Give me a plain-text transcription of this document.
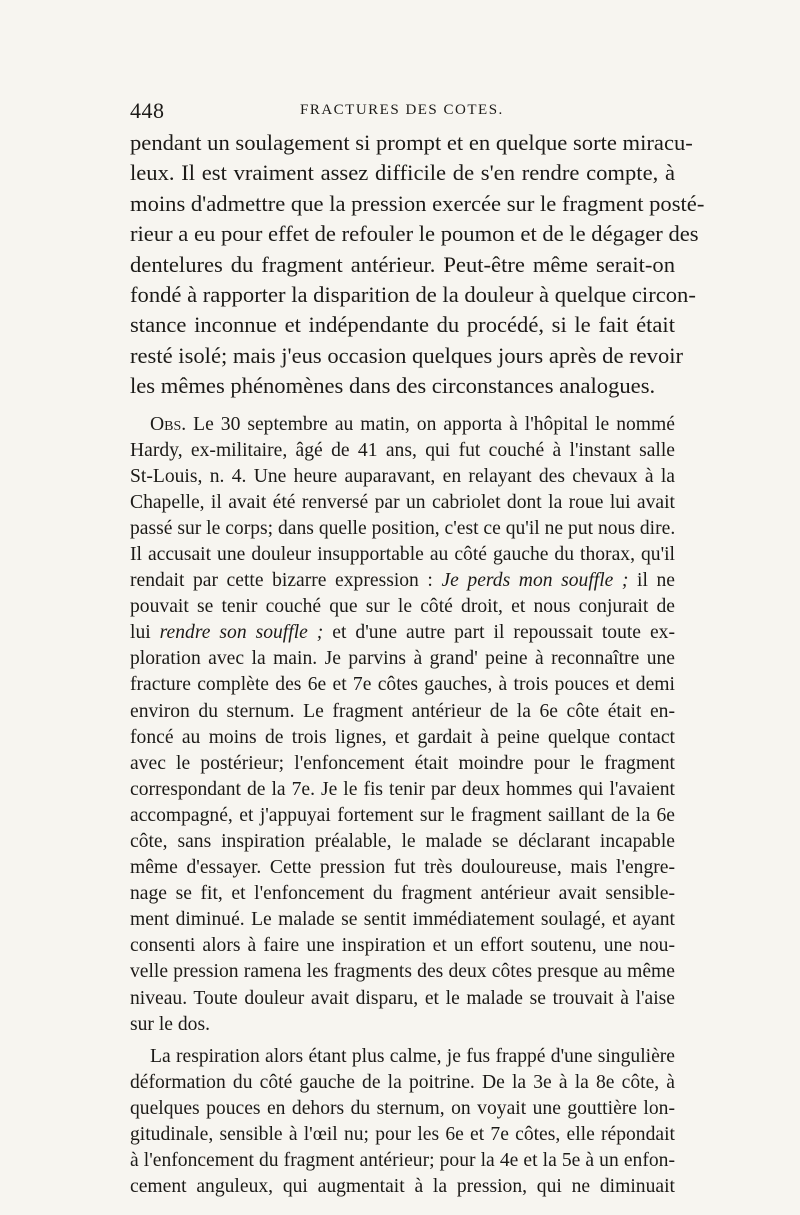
448	FRACTURES DES COTES.
pendant un soulagement si prompt et en quelque sorte miracu-
leux. Il est vraiment assez difficile de s'en rendre compte, à
moins d'admettre que la pression exercée sur le fragment posté-
rieur a eu pour effet de refouler le poumon et de le dégager des
dentelures du fragment antérieur. Peut-être même serait-on
fondé à rapporter la disparition de la douleur à quelque circon-
stance inconnue et indépendante du procédé, si le fait était
resté isolé; mais j'eus occasion quelques jours après de revoir
les mêmes phénomènes dans des circonstances analogues.
Obs. Le 30 septembre au matin, on apporta à l'hôpital le nommé
Hardy, ex-militaire, âgé de 41 ans, qui fut couché à l'instant salle
St-Louis, n. 4. Une heure auparavant, en relayant des chevaux à la
Chapelle, il avait été renversé par un cabriolet dont la roue lui avait
passé sur le corps; dans quelle position, c'est ce qu'il ne put nous dire.
Il accusait une douleur insupportable au côté gauche du thorax, qu'il
rendait par cette bizarre expression : Je perds mon souffle ; il ne
pouvait se tenir couché que sur le côté droit, et nous conjurait de
lui rendre son souffle ; et d'une autre part il repoussait toute ex-
ploration avec la main. Je parvins à grand' peine à reconnaître une
fracture complète des 6e et 7e côtes gauches, à trois pouces et demi
environ du sternum. Le fragment antérieur de la 6e côte était en-
foncé au moins de trois lignes, et gardait à peine quelque contact
avec le postérieur; l'enfoncement était moindre pour le fragment
correspondant de la 7e. Je le fis tenir par deux hommes qui l'avaient
accompagné, et j'appuyai fortement sur le fragment saillant de la 6e
côte, sans inspiration préalable, le malade se déclarant incapable
même d'essayer. Cette pression fut très douloureuse, mais l'engre-
nage se fit, et l'enfoncement du fragment antérieur avait sensible-
ment diminué. Le malade se sentit immédiatement soulagé, et ayant
consenti alors à faire une inspiration et un effort soutenu, une nou-
velle pression ramena les fragments des deux côtes presque au même
niveau. Toute douleur avait disparu, et le malade se trouvait à l'aise
sur le dos.
La respiration alors étant plus calme, je fus frappé d'une singulière
déformation du côté gauche de la poitrine. De la 3e à la 8e côte, à
quelques pouces en dehors du sternum, on voyait une gouttière lon-
gitudinale, sensible à l'œil nu; pour les 6e et 7e côtes, elle répondait
à l'enfoncement du fragment antérieur; pour la 4e et la 5e à un enfon-
cement anguleux, qui augmentait à la pression, qui ne diminuait
